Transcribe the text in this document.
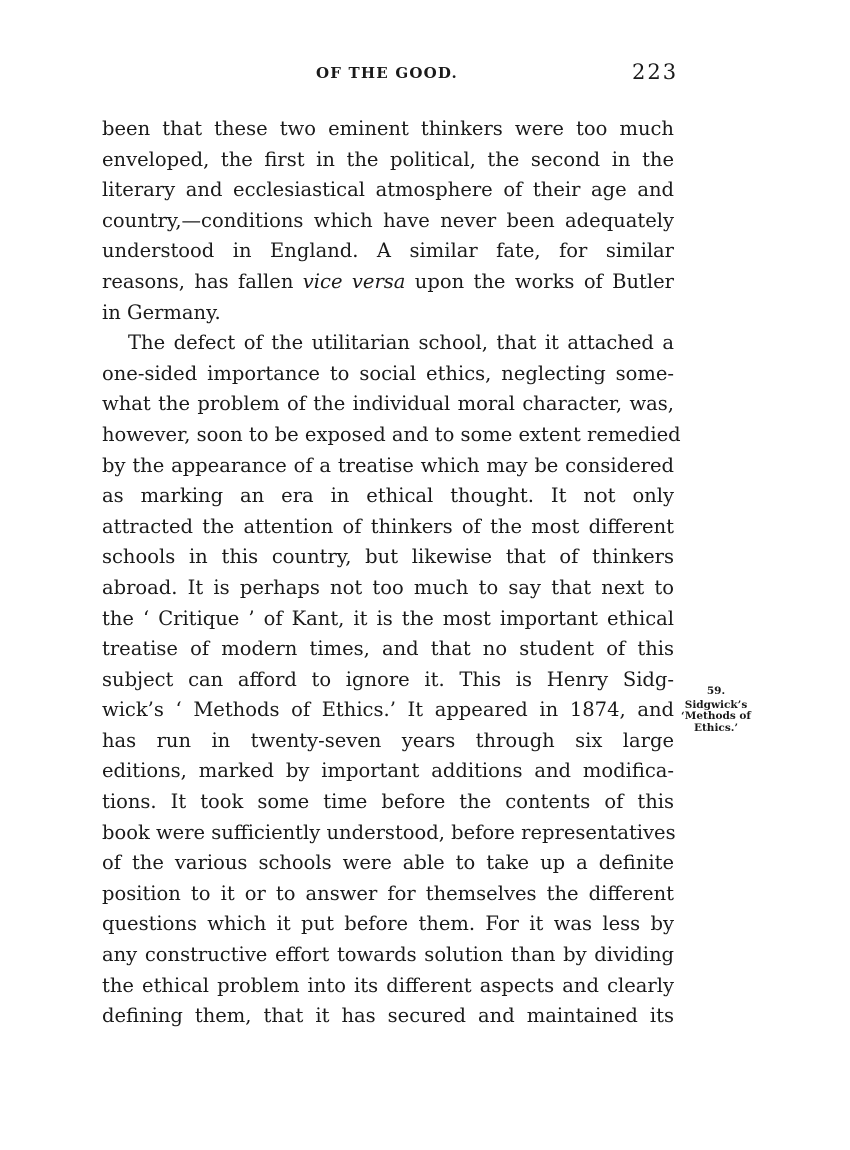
OF THE GOOD.	223
been that these two eminent thinkers were too much
enveloped, the first in the political, the second in the
literary and ecclesiastical atmosphere of their age and
country,—conditions which have never been adequately
understood in England. A similar fate, for similar
reasons, has fallen vice versa upon the works of Butler
in Germany.
The defect of the utilitarian school, that it attached a
one-sided importance to social ethics, neglecting some-
what the problem of the individual moral character, was,
however, soon to be exposed and to some extent remedied
by the appearance of a treatise which may be considered
as marking an era in ethical thought. It not only
attracted the attention of thinkers of the most different
schools in this country, but likewise that of thinkers
abroad. It is perhaps not too much to say that next to
the ‘ Critique ’ of Kant, it is the most important ethical
treatise of modern times, and that no student of this
subject can afford to ignore it. This is Henry Sidg-
wick’s ‘ Methods of Ethics.’ It appeared in 1874, and
has run in twenty-seven years through six large
editions, marked by important additions and modifica-
tions. It took some time before the contents of this
book were sufficiently understood, before representatives
of the various schools were able to take up a definite
position to it or to answer for themselves the different
questions which it put before them. For it was less by
any constructive effort towards solution than by dividing
the ethical problem into its different aspects and clearly
defining them, that it has secured and maintained its
59.
Sidgwick’s ‘Methods of Ethics.’
